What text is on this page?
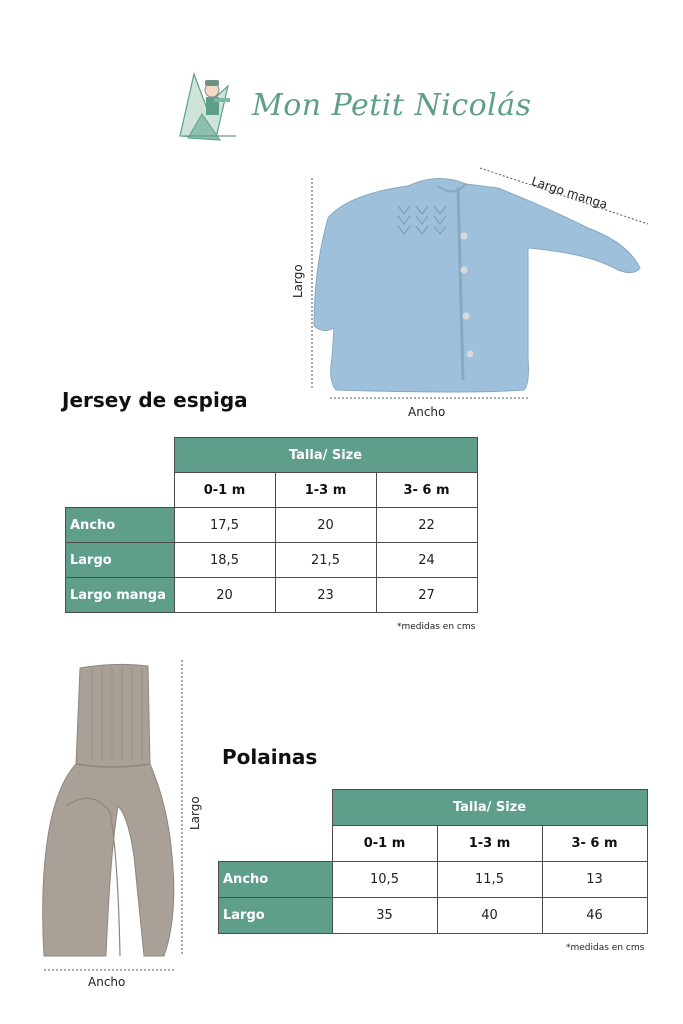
Mon Petit Nicolás
Largo manga
Largo
Ancho
Jersey de espiga
	Talla/ Size		
	0-1 m	1-3 m	3- 6 m
Ancho	17,5	20	22
Largo	18,5	21,5	24
Largo manga	20	23	27
*medidas en cms
Largo
Ancho
Polainas
	Talla/ Size		
	0-1 m	1-3 m	3- 6 m
Ancho	10,5	11,5	13
Largo	35	40	46
*medidas en cms
